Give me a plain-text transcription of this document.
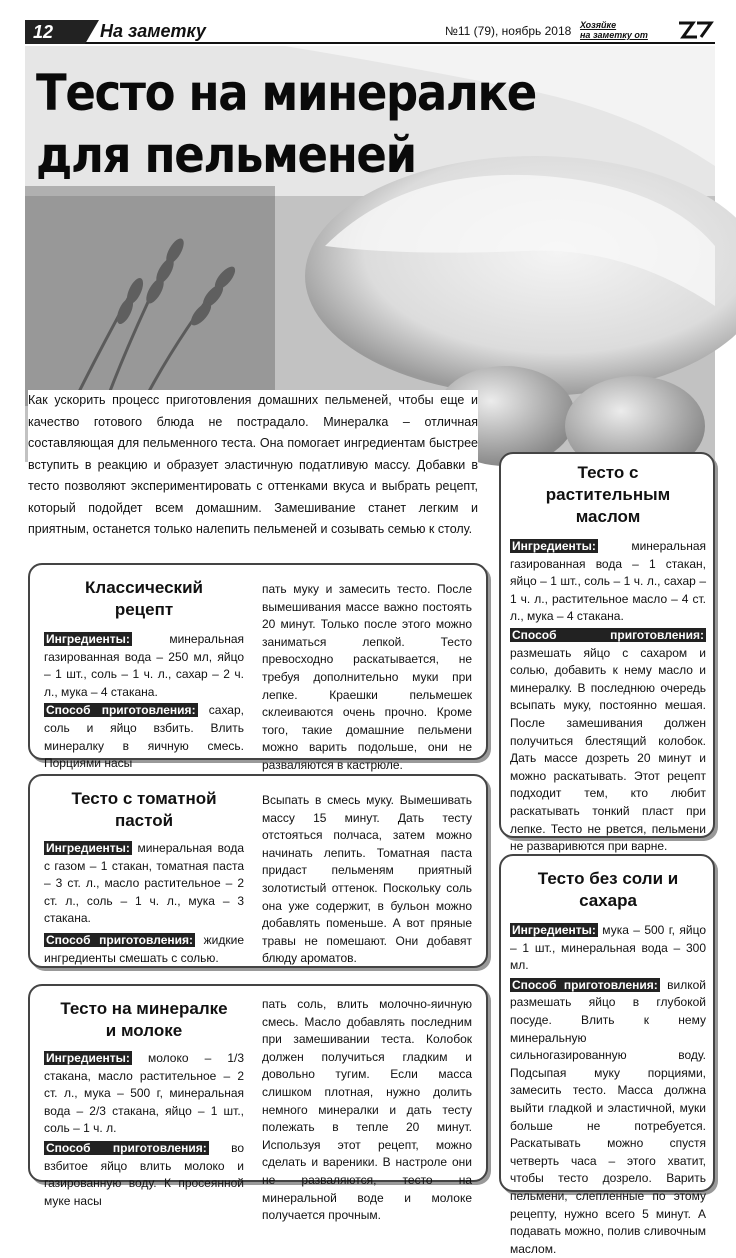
12	На заметку	№11 (79), ноябрь 2018 Хозяйке
на заметку от
Тесто на минералке
для пельменей
Как ускорить процесс приготовления домашних пельменей, чтобы еще и качество готового блюда не пострадало. Минералка – отличная составляющая для пельменного теста. Она помогает ингредиентам быстрее вступить в реакцию и образует эластичную податливую массу. Добавки в тесто позволяют экспериментировать с оттенками вкуса и выбрать рецепт, который подойдет всем домашним. Замешивание станет легким и приятным, останется только налепить пельменей и созывать семью к столу.
Классический рецепт
Ингредиенты: минеральная газированная вода – 250 мл, яйцо – 1 шт., соль – 1 ч. л., сахар – 2 ч. л., мука – 4 стакана.
Способ приготовления: сахар, соль и яйцо взбить. Влить минералку в яичную смесь. Порциями насы
пать муку и замесить тесто. После вымешивания массе важно постоять 20 минут. Только после этого можно заниматься лепкой. Тесто превосходно раскатывается, не требуя дополнительно муки при лепке. Краешки пельмешек склеиваются очень прочно. Кроме того, такие домашние пельмени можно варить подольше, они не разваляются в кастрюле.
Тесто с томатной пастой
Ингредиенты: минеральная вода с газом – 1 стакан, томатная паста – 3 ст. л., масло растительное – 2 ст. л., соль – 1 ч. л., мука – 3 стакана.
Способ приготовления: жидкие ингредиенты смешать с солью.
Всыпать в смесь муку. Вымешивать массу 15 минут. Дать тесту отстояться полчаса, затем можно начинать лепить. Томатная паста придаст пельменям приятный золотистый оттенок. Поскольку соль она уже содержит, в бульон можно добавлять поменьше. А вот пряные травы не помешают. Они добавят блюду ароматов.
Тесто на минералке и молоке
Ингредиенты: молоко – 1/3 стакана, масло растительное – 2 ст. л., мука – 500 г, минеральная вода – 2/3 стакана, яйцо – 1 шт., соль – 1 ч. л.
Способ приготовления: во взбитое яйцо влить молоко и газированную воду. К просеянной муке насы
пать соль, влить молочно-яичную смесь. Масло добавлять последним при замешивании теста. Колобок должен получиться гладким и довольно тугим. Если масса слишком плотная, нужно долить немного минералки и дать тесту полежать в тепле 20 минут. Используя этот рецепт, можно сделать и вареники. В настроле они не разваляются, тесто на минеральной воде и молоке получается прочным.
Тесто с растительным маслом
Ингредиенты: минеральная газированная вода – 1 стакан, яйцо – 1 шт., соль – 1 ч. л., сахар – 1 ч. л., растительное масло – 4 ст. л., мука – 4 стакана.
Способ приготовления: размешать яйцо с сахаром и солью, добавить к нему масло и минералку. В последнюю очередь всыпать муку, постоянно мешая. После замешивания должен получиться блестящий колобок. Дать массе дозреть 20 минут и можно раскатывать. Этот рецепт подходит тем, кто любит раскатывать тонкий пласт при лепке. Тесто не рвется, пельмени не разваривются при варне.
Тесто без соли и сахара
Ингредиенты: мука – 500 г, яйцо – 1 шт., минеральная вода – 300 мл.
Способ приготовления: вилкой размешать яйцо в глубокой посуде. Влить к нему минеральную сильногазированную воду. Подсыпая муку порциями, замесить тесто. Масса должна выйти гладкой и эластичной, муки больше не потребуется. Раскатывать можно спустя четверть часа – этого хватит, чтобы тесто дозрело. Варить пельмени, слепленные по этому рецепту, нужно всего 5 минут. А подавать можно, полив сливочным маслом.
